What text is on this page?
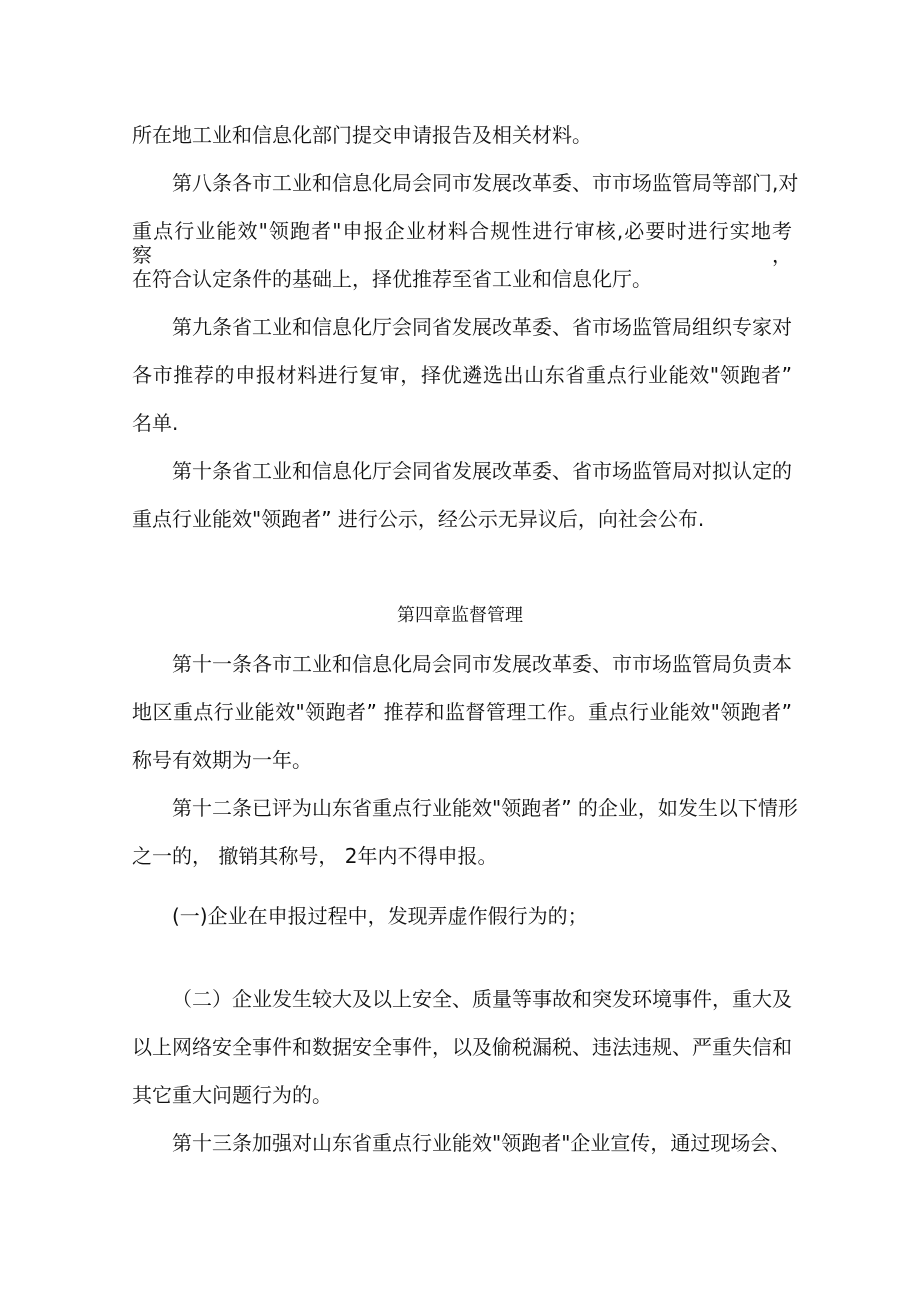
所在地工业和信息化部门提交申请报告及相关材料。
第八条各市工业和信息化局会同市发展改革委、市市场监管局等部门,对
重点行业能效"领跑者"申报企业材料合规性进行审核,必要时进行实地考察，
在符合认定条件的基础上，择优推荐至省工业和信息化厅。
第九条省工业和信息化厅会同省发展改革委、省市场监管局组织专家对
各市推荐的申报材料进行复审，择优遴选出山东省重点行业能效"领跑者”
名单.
第十条省工业和信息化厅会同省发展改革委、省市场监管局对拟认定的
重点行业能效"领跑者” 进行公示，经公示无异议后，向社会公布.
第四章监督管理
第十一条各市工业和信息化局会同市发展改革委、市市场监管局负责本
地区重点行业能效"领跑者” 推荐和监督管理工作。重点行业能效"领跑者”
称号有效期为一年。
第十二条已评为山东省重点行业能效"领跑者” 的企业，如发生以下情形
之一的， 撤销其称号， 2年内不得申报。
(一)企业在申报过程中，发现弄虚作假行为的；
（二）企业发生较大及以上安全、质量等事故和突发环境事件，重大及
以上网络安全事件和数据安全事件，以及偷税漏税、违法违规、严重失信和
其它重大问题行为的。
第十三条加强对山东省重点行业能效"领跑者"企业宣传，通过现场会、
